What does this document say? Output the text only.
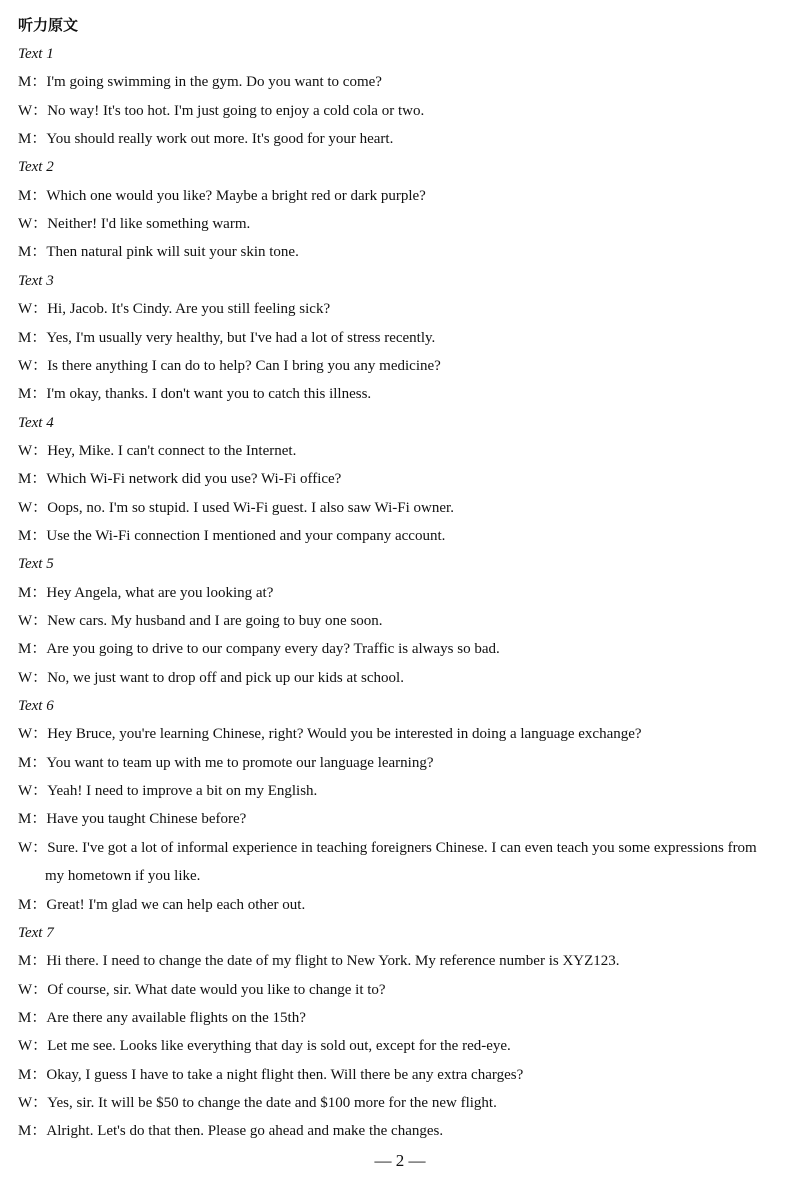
听力原文
Text 1
M：I'm going swimming in the gym. Do you want to come?
W：No way! It's too hot. I'm just going to enjoy a cold cola or two.
M：You should really work out more. It's good for your heart.
Text 2
M：Which one would you like? Maybe a bright red or dark purple?
W：Neither! I'd like something warm.
M：Then natural pink will suit your skin tone.
Text 3
W：Hi, Jacob. It's Cindy. Are you still feeling sick?
M：Yes, I'm usually very healthy, but I've had a lot of stress recently.
W：Is there anything I can do to help? Can I bring you any medicine?
M：I'm okay, thanks. I don't want you to catch this illness.
Text 4
W：Hey, Mike. I can't connect to the Internet.
M：Which Wi-Fi network did you use? Wi-Fi office?
W：Oops, no. I'm so stupid. I used Wi-Fi guest. I also saw Wi-Fi owner.
M：Use the Wi-Fi connection I mentioned and your company account.
Text 5
M：Hey Angela, what are you looking at?
W：New cars. My husband and I are going to buy one soon.
M：Are you going to drive to our company every day? Traffic is always so bad.
W：No, we just want to drop off and pick up our kids at school.
Text 6
W：Hey Bruce, you're learning Chinese, right? Would you be interested in doing a language exchange?
M：You want to team up with me to promote our language learning?
W：Yeah! I need to improve a bit on my English.
M：Have you taught Chinese before?
W：Sure. I've got a lot of informal experience in teaching foreigners Chinese. I can even teach you some expressions from
my hometown if you like.
M：Great! I'm glad we can help each other out.
Text 7
M：Hi there. I need to change the date of my flight to New York. My reference number is XYZ123.
W：Of course, sir. What date would you like to change it to?
M：Are there any available flights on the 15th?
W：Let me see. Looks like everything that day is sold out, except for the red-eye.
M：Okay, I guess I have to take a night flight then. Will there be any extra charges?
W：Yes, sir. It will be $50 to change the date and $100 more for the new flight.
M：Alright. Let's do that then. Please go ahead and make the changes.
— 2 —
